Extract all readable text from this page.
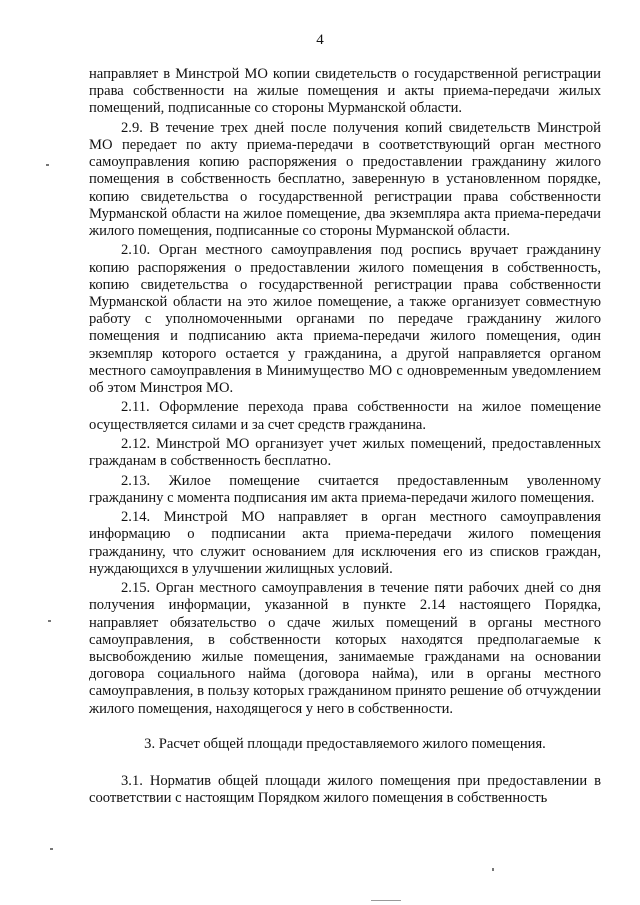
4

направляет в Минстрой МО копии свидетельств о государственной регистрации права собственности на жилые помещения и акты приема-передачи жилых помещений, подписанные со стороны Мурманской области.

2.9. В течение трех дней после получения копий свидетельств Минстрой МО передает по акту приема-передачи в соответствующий орган местного самоуправления копию распоряжения о предоставлении гражданину жилого помещения в собственность бесплатно, заверенную в установленном порядке, копию свидетельства о государственной регистрации права собственности Мурманской области на жилое помещение, два экземпляра акта приема-передачи жилого помещения, подписанные со стороны Мурманской области.

2.10. Орган местного самоуправления под роспись вручает гражданину копию распоряжения о предоставлении жилого помещения в собственность, копию свидетельства о государственной регистрации права собственности Мурманской области на это жилое помещение, а также организует совместную работу с уполномоченными органами по передаче гражданину жилого помещения и подписанию акта приема-передачи жилого помещения, один экземпляр которого остается у гражданина, а другой направляется органом местного самоуправления в Минимущество МО с одновременным уведомлением об этом Минстроя МО.

2.11. Оформление перехода права собственности на жилое помещение осуществляется силами и за счет средств гражданина.

2.12. Минстрой МО организует учет жилых помещений, предоставленных гражданам в собственность бесплатно.

2.13. Жилое помещение считается предоставленным уволенному гражданину с момента подписания им акта приема-передачи жилого помещения.

2.14. Минстрой МО направляет в орган местного самоуправления информацию о подписании акта приема-передачи жилого помещения гражданину, что служит основанием для исключения его из списков граждан, нуждающихся в улучшении жилищных условий.

2.15. Орган местного самоуправления в течение пяти рабочих дней со дня получения информации, указанной в пункте 2.14 настоящего Порядка, направляет обязательство о сдаче жилых помещений в органы местного самоуправления, в собственности которых находятся предполагаемые к высвобождению жилые помещения, занимаемые гражданами на основании договора социального найма (договора найма), или в органы местного самоуправления, в пользу которых гражданином принято решение об отчуждении жилого помещения, находящегося у него в собственности.

3. Расчет общей площади предоставляемого жилого помещения.

3.1. Норматив общей площади жилого помещения при предоставлении в соответствии с настоящим Порядком жилого помещения в собственность
